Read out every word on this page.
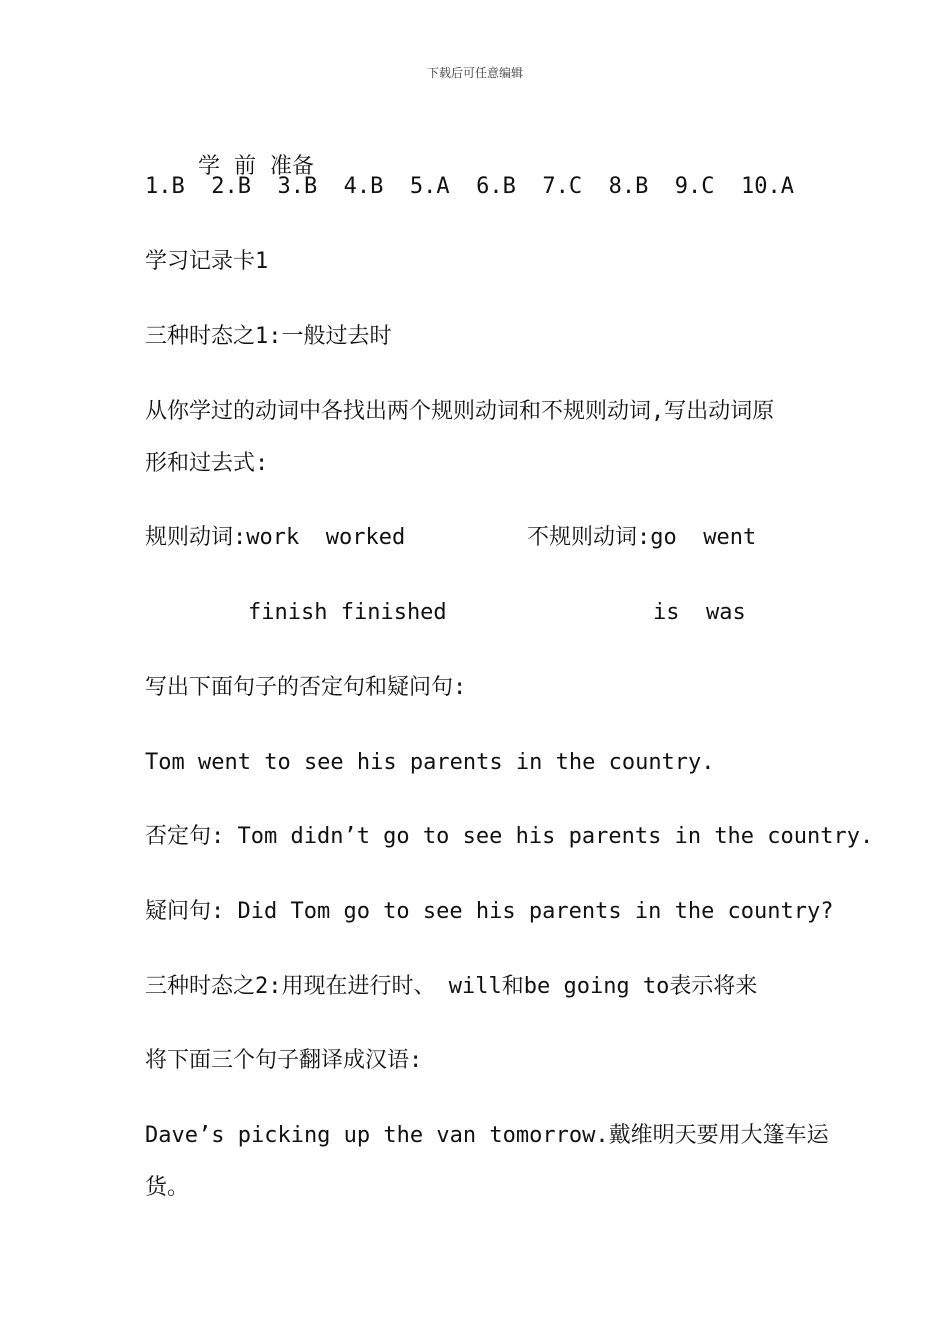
下载后可任意编辑

学 前 准备

1.B  2.B  3.B  4.B  5.A  6.B  7.C  8.B  9.C  10.A
学习记录卡1
三种时态之1:一般过去时
从你学过的动词中各找出两个规则动词和不规则动词,写出动词原
形和过去式:
规则动词:work  worked	不规则动词:go  went
finish finished	is  was
写出下面句子的否定句和疑问句:
Tom went to see his parents in the country.
否定句: Tom didn’t go to see his parents in the country.
疑问句: Did Tom go to see his parents in the country?
三种时态之2:用现在进行时、 will和be going to表示将来
将下面三个句子翻译成汉语:
Dave’s picking up the van tomorrow.戴维明天要用大篷车运
货。
